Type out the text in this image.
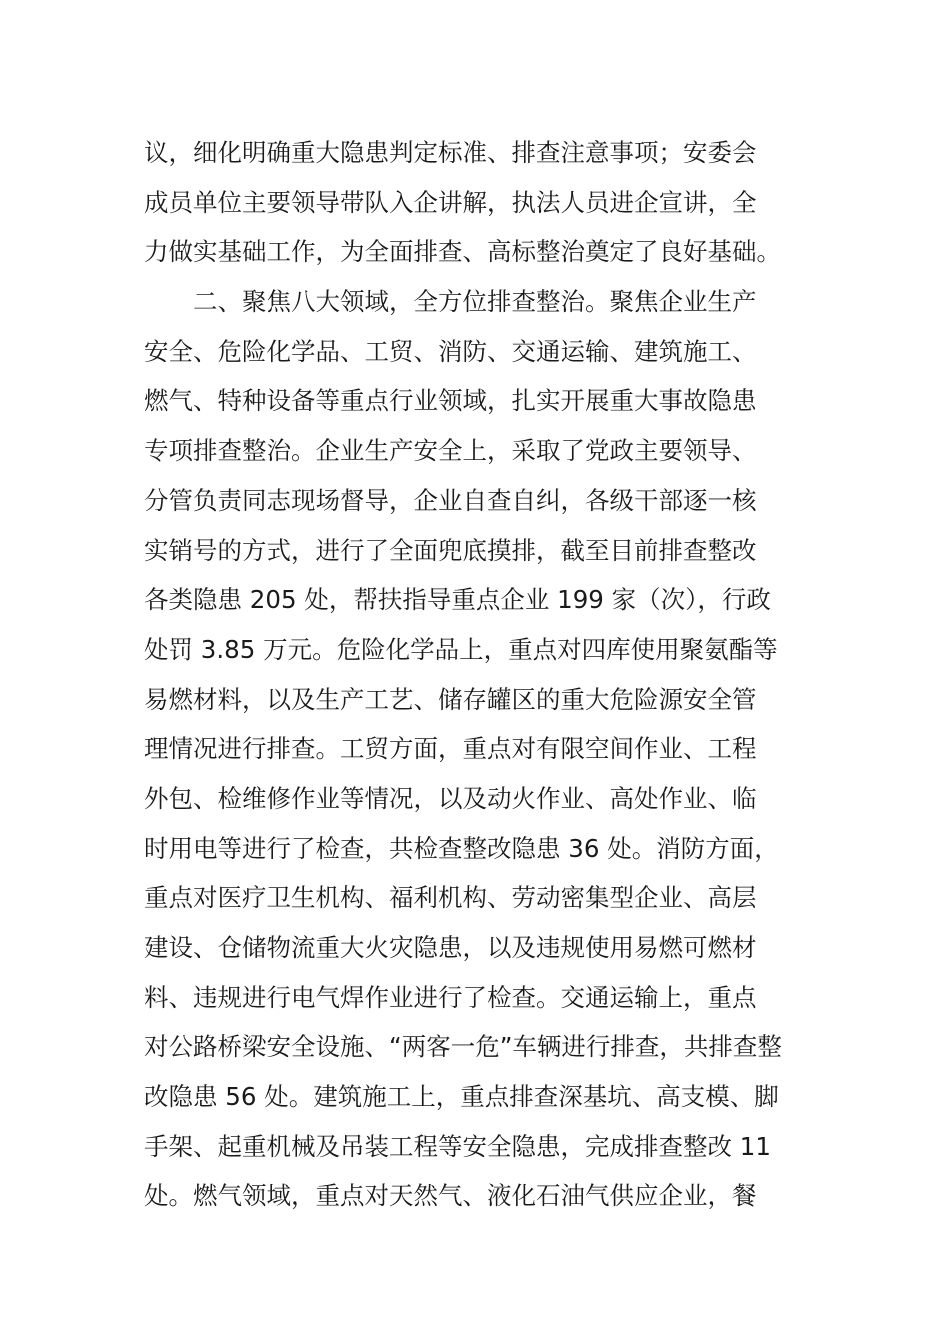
议，细化明确重大隐患判定标准、排查注意事项；安委会
成员单位主要领导带队入企讲解，执法人员进企宣讲，全
力做实基础工作，为全面排查、高标整治奠定了良好基础。
　　二、聚焦八大领域，全方位排查整治。聚焦企业生产
安全、危险化学品、工贸、消防、交通运输、建筑施工、
燃气、特种设备等重点行业领域，扎实开展重大事故隐患
专项排查整治。企业生产安全上，采取了党政主要领导、
分管负责同志现场督导，企业自查自纠，各级干部逐一核
实销号的方式，进行了全面兜底摸排，截至目前排查整改
各类隐患 205 处，帮扶指导重点企业 199 家（次），行政
处罚 3.85 万元。危险化学品上，重点对四库使用聚氨酯等
易燃材料，以及生产工艺、储存罐区的重大危险源安全管
理情况进行排查。工贸方面，重点对有限空间作业、工程
外包、检维修作业等情况，以及动火作业、高处作业、临
时用电等进行了检查，共检查整改隐患 36 处。消防方面，
重点对医疗卫生机构、福利机构、劳动密集型企业、高层
建设、仓储物流重大火灾隐患，以及违规使用易燃可燃材
料、违规进行电气焊作业进行了检查。交通运输上，重点
对公路桥梁安全设施、“两客一危”车辆进行排查，共排查整
改隐患 56 处。建筑施工上，重点排查深基坑、高支模、脚
手架、起重机械及吊装工程等安全隐患，完成排查整改 11
处。燃气领域，重点对天然气、液化石油气供应企业，餐
